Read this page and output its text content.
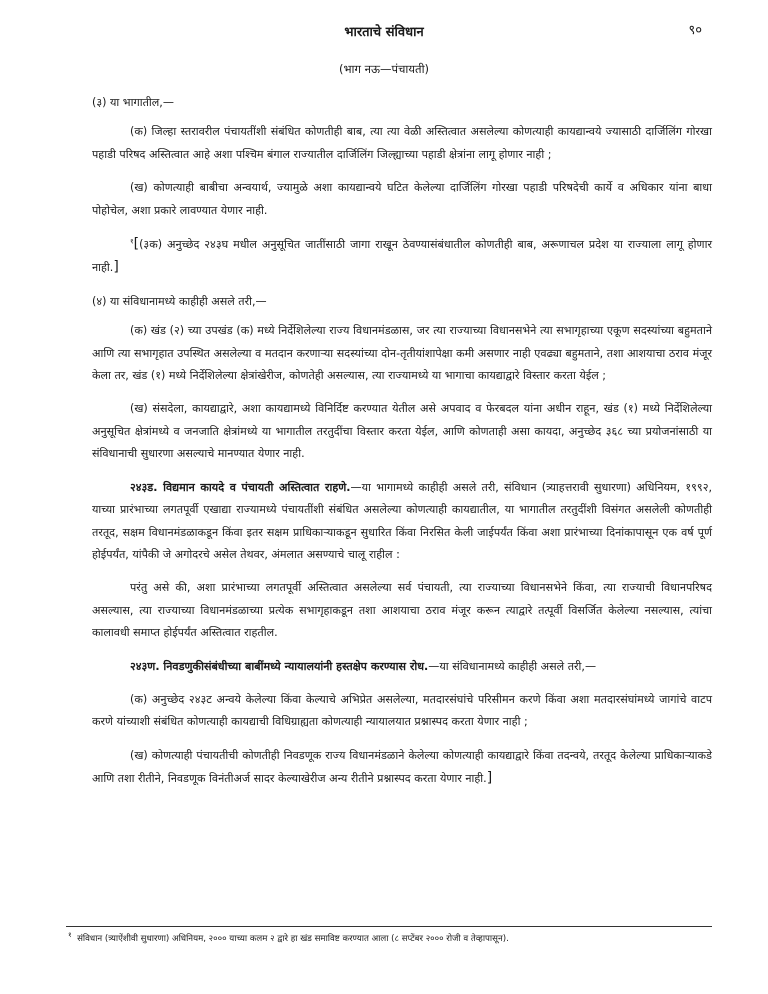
भारताचे संविधान	९०
(भाग नऊ—पंचायती)

(३) या भागातील,—

(क) जिल्हा स्तरावरील पंचायतींशी संबंधित कोणतीही बाब, त्या त्या वेळी अस्तित्वात असलेल्या कोणत्याही कायद्यान्वये ज्यासाठी दार्जिलिंग गोरखा पहाडी परिषद अस्तित्वात आहे अशा पश्चिम बंगाल राज्यातील दार्जिलिंग जिल्ह्याच्या पहाडी क्षेत्रांना लागू होणार नाही ;

(ख) कोणत्याही बाबीचा अन्वयार्थ, ज्यामुळे अशा कायद्यान्वये घटित केलेल्या दार्जिलिंग गोरखा पहाडी परिषदेची कार्ये व अधिकार यांना बाधा पोहोचेल, अशा प्रकारे लावण्यात येणार नाही.

$^१$[(३क) अनुच्छेद २४३घ मधील अनुसूचित जातींसाठी जागा राखून ठेवण्यासंबंधातील कोणतीही बाब, अरूणाचल प्रदेश या राज्याला लागू होणार नाही.]

(४) या संविधानामध्ये काहीही असले तरी,—

(क) खंड (२) च्या उपखंड (क) मध्ये निर्देशिलेल्या राज्य विधानमंडळास, जर त्या राज्याच्या विधानसभेने त्या सभागृहाच्या एकूण सदस्यांच्या बहुमताने आणि त्या सभागृहात उपस्थित असलेल्या व मतदान करणाऱ्या सदस्यांच्या दोन-तृतीयांशापेक्षा कमी असणार नाही एवढ्या बहुमताने, तशा आशयाचा ठराव मंजूर केला तर, खंड (१) मध्ये निर्देशिलेल्या क्षेत्रांखेरीज, कोणतेही असल्यास, त्या राज्यामध्ये या भागाचा कायद्याद्वारे विस्तार करता येईल ;

(ख) संसदेला, कायद्याद्वारे, अशा कायद्यामध्ये विनिर्दिष्ट करण्यात येतील असे अपवाद व फेरबदल यांना अधीन राहून, खंड (१) मध्ये निर्देशिलेल्या अनुसूचित क्षेत्रांमध्ये व जनजाति क्षेत्रांमध्ये या भागातील तरतुदींचा विस्तार करता येईल, आणि कोणताही असा कायदा, अनुच्छेद ३६८ च्या प्रयोजनांसाठी या संविधानाची सुधारणा असल्याचे मानण्यात येणार नाही.

२४३ड. विद्यमान कायदे व पंचायती अस्तित्वात राहणे.—या भागामध्ये काहीही असले तरी, संविधान (त्र्याहत्तरावी सुधारणा) अधिनियम, १९९२, याच्या प्रारंभाच्या लगतपूर्वी एखाद्या राज्यामध्ये पंचायतींशी संबंधित असलेल्या कोणत्याही कायद्यातील, या भागातील तरतुदींशी विसंगत असलेली कोणतीही तरतूद, सक्षम विधानमंडळाकडून किंवा इतर सक्षम प्राधिकाऱ्याकडून सुधारित किंवा निरसित केली जाईपर्यंत किंवा अशा प्रारंभाच्या दिनांकापासून एक वर्ष पूर्ण होईपर्यंत, यांपैकी जे अगोदरचे असेल तेथवर, अंमलात असण्याचे चालू राहील :

परंतु असे की, अशा प्रारंभाच्या लगतपूर्वी अस्तित्वात असलेल्या सर्व पंचायती, त्या राज्याच्या विधानसभेने किंवा, त्या राज्याची विधानपरिषद असल्यास, त्या राज्याच्या विधानमंडळाच्या प्रत्येक सभागृहाकडून तशा आशयाचा ठराव मंजूर करून त्याद्वारे तत्पूर्वी विसर्जित केलेल्या नसल्यास, त्यांचा कालावधी समाप्त होईपर्यंत अस्तित्वात राहतील.

२४३ण. निवडणुकीसंबंधीच्या बाबींमध्ये न्यायालयांनी हस्तक्षेप करण्यास रोध.—या संविधानामध्ये काहीही असले तरी,—

(क) अनुच्छेद २४३ट अन्वये केलेल्या किंवा केल्याचे अभिप्रेत असलेल्या, मतदारसंघांचे परिसीमन करणे किंवा अशा मतदारसंघांमध्ये जागांचे वाटप करणे यांच्याशी संबंधित कोणत्याही कायद्याची विधिग्राह्यता कोणत्याही न्यायालयात प्रश्नास्पद करता येणार नाही ;

(ख) कोणत्याही पंचायतीची कोणतीही निवडणूक राज्य विधानमंडळाने केलेल्या कोणत्याही कायद्याद्वारे किंवा तदन्वये, तरतूद केलेल्या प्राधिकाऱ्याकडे आणि तशा रीतीने, निवडणूक विनंतीअर्ज सादर केल्याखेरीज अन्य रीतीने प्रश्नास्पद करता येणार नाही.]

$^१$ संविधान (त्र्याऐंशीवी सुधारणा) अधिनियम, २००० याच्या कलम २ द्वारे हा खंड समाविष्ट करण्यात आला (८ सप्टेंबर २००० रोजी व तेव्हापासून).
